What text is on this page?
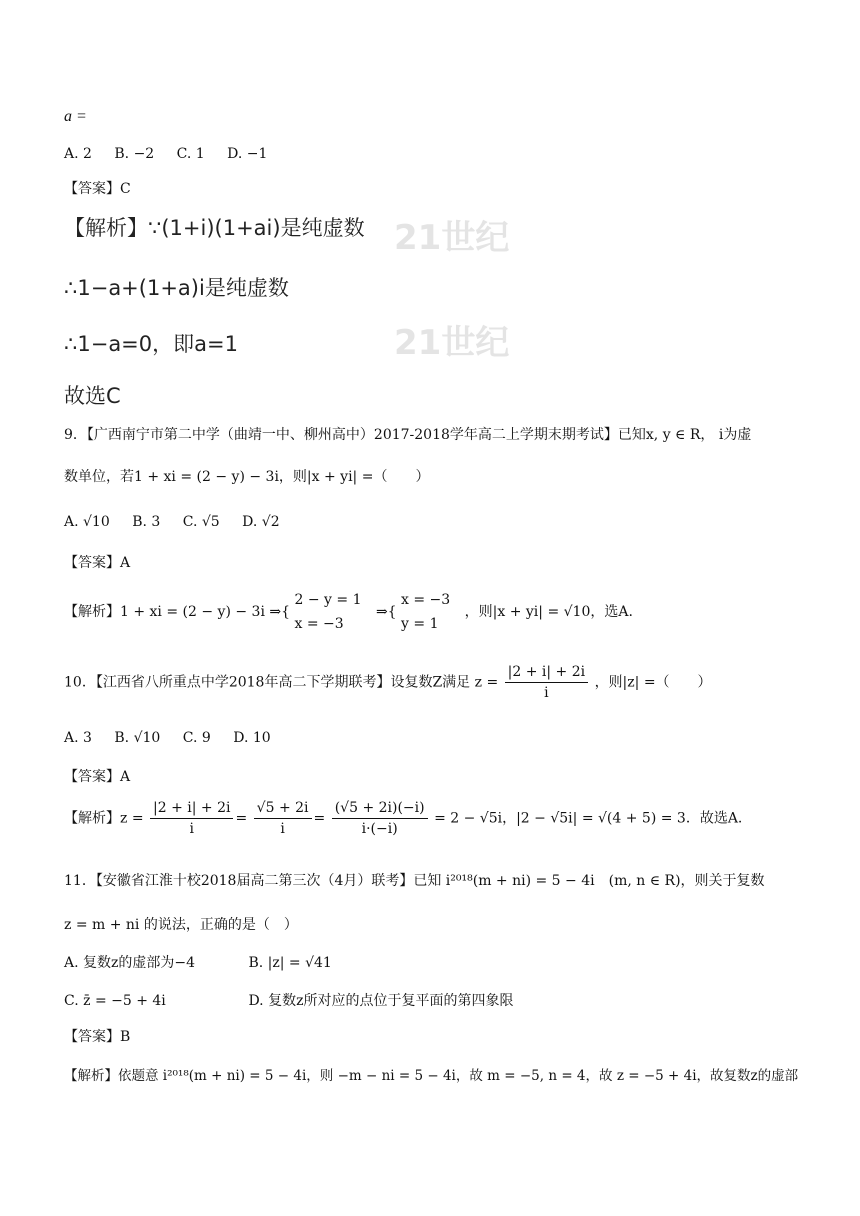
a =
A. 2 B. −2 C. 1 D. −1
【答案】C
21世纪
21世纪
【解析】∵(1+i)(1+ai)是纯虚数
∴1−a+(1+a)i是纯虚数
∴1−a=0，即a=1
故选C
9．【广西南宁市第二中学（曲靖一中、柳州高中）2017-2018学年高二上学期末期考试】已知x, y ∈ R， i为虚
数单位，若1 + xi = (2 − y) − 3i，则|x + yi| =（　　）
A. √10 B. 3 C. √5 D. √2
【答案】A
【解析】1 + xi = (2 − y) − 3i ⇒{
2 − y = 1
x = −3
⇒{
x = −3
y = 1
，则|x + yi| = √10，选A.
10．【江西省八所重点中学2018年高二下学期联考】设复数Z满足 $z = \frac{|2 + i| + 2i}{i}$ ，则|z| =（　　）
A. 3 B. √10 C. 9 D. 10
【答案】A
【解析】$z = \frac{|2 + i| + 2i}{i} = \frac{√5 + 2i}{i} = \frac{(√5 + 2i)(-i)}{i\cdot(-i)} = 2 - √5i$，|2 − √5i| = √(4 + 5) = 3．故选A.
11．【安徽省江淮十校2018届高二第三次（4月）联考】已知 i²⁰¹⁸(m + ni) = 5 − 4i　(m, n ∈ R)，则关于复数
z = m + ni 的说法，正确的是（　）
A. 复数z的虚部为−4	B. |z| = √41
C. z̄ = −5 + 4i	D. 复数z所对应的点位于复平面的第四象限
【答案】B
【解析】依题意 i²⁰¹⁸(m + ni) = 5 − 4i，则 −m − ni = 5 − 4i，故 m = −5, n = 4，故 z = −5 + 4i，故复数z的虚部
